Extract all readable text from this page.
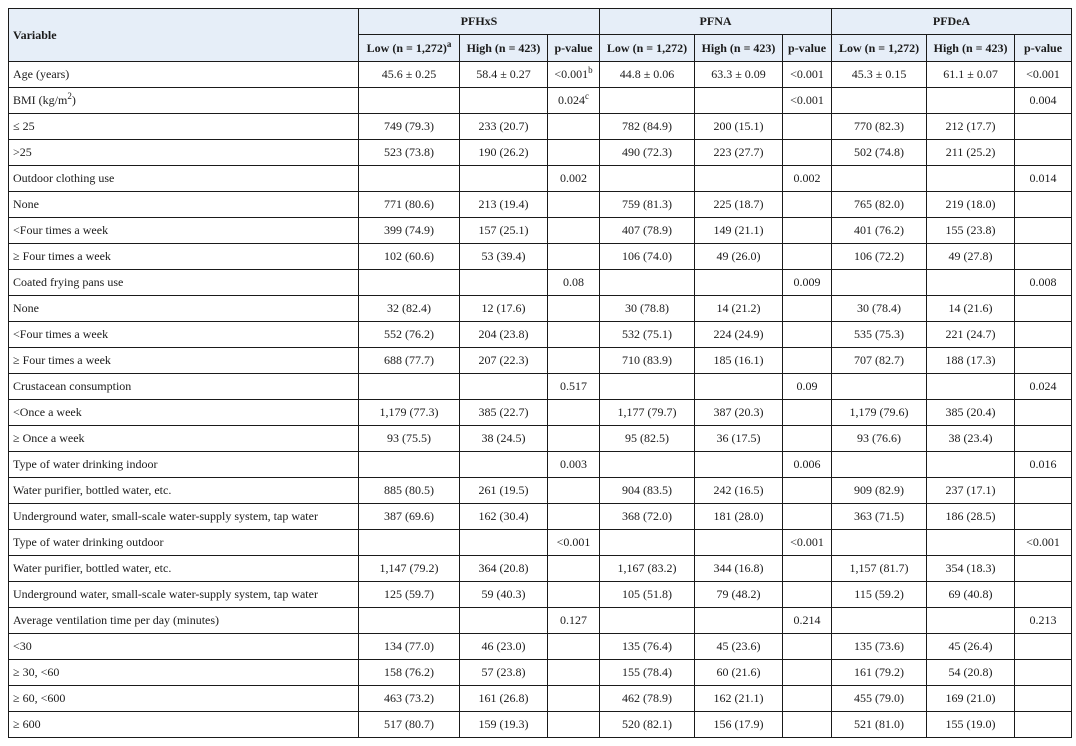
Variable	PFHxS			PFNA			PFDeA		
	Low (n = 1,272)$^a$	High (n = 423)	p-value	Low (n = 1,272)	High (n = 423)	p-value	Low (n = 1,272)	High (n = 423)	p-value
Age (years)	45.6 ± 0.25	58.4 ± 0.27	<0.001$^b$	44.8 ± 0.06	63.3 ± 0.09	<0.001	45.3 ± 0.15	61.1 ± 0.07	<0.001
BMI $(kg/m^2)$			0.024$^c$			<0.001			0.004
≤ 25	749 (79.3)	233 (20.7)		782 (84.9)	200 (15.1)		770 (82.3)	212 (17.7)	
>25	523 (73.8)	190 (26.2)		490 (72.3)	223 (27.7)		502 (74.8)	211 (25.2)	
Outdoor clothing use			0.002			0.002			0.014
None	771 (80.6)	213 (19.4)		759 (81.3)	225 (18.7)		765 (82.0)	219 (18.0)	
<Four times a week	399 (74.9)	157 (25.1)		407 (78.9)	149 (21.1)		401 (76.2)	155 (23.8)	
≥ Four times a week	102 (60.6)	53 (39.4)		106 (74.0)	49 (26.0)		106 (72.2)	49 (27.8)	
Coated frying pans use			0.08			0.009			0.008
None	32 (82.4)	12 (17.6)		30 (78.8)	14 (21.2)		30 (78.4)	14 (21.6)	
<Four times a week	552 (76.2)	204 (23.8)		532 (75.1)	224 (24.9)		535 (75.3)	221 (24.7)	
≥ Four times a week	688 (77.7)	207 (22.3)		710 (83.9)	185 (16.1)		707 (82.7)	188 (17.3)	
Crustacean consumption			0.517			0.09			0.024
<Once a week	1,179 (77.3)	385 (22.7)		1,177 (79.7)	387 (20.3)		1,179 (79.6)	385 (20.4)	
≥ Once a week	93 (75.5)	38 (24.5)		95 (82.5)	36 (17.5)		93 (76.6)	38 (23.4)	
Type of water drinking indoor			0.003			0.006			0.016
Water purifier, bottled water, etc.	885 (80.5)	261 (19.5)		904 (83.5)	242 (16.5)		909 (82.9)	237 (17.1)	
Underground water, small-scale water-supply system, tap water	387 (69.6)	162 (30.4)		368 (72.0)	181 (28.0)		363 (71.5)	186 (28.5)	
Type of water drinking outdoor			<0.001			<0.001			<0.001
Water purifier, bottled water, etc.	1,147 (79.2)	364 (20.8)		1,167 (83.2)	344 (16.8)		1,157 (81.7)	354 (18.3)	
Underground water, small-scale water-supply system, tap water	125 (59.7)	59 (40.3)		105 (51.8)	79 (48.2)		115 (59.2)	69 (40.8)	
Average ventilation time per day (minutes)			0.127			0.214			0.213
<30	134 (77.0)	46 (23.0)		135 (76.4)	45 (23.6)		135 (73.6)	45 (26.4)	
≥ 30, <60	158 (76.2)	57 (23.8)		155 (78.4)	60 (21.6)		161 (79.2)	54 (20.8)	
≥ 60, <600	463 (73.2)	161 (26.8)		462 (78.9)	162 (21.1)		455 (79.0)	169 (21.0)	
≥ 600	517 (80.7)	159 (19.3)		520 (82.1)	156 (17.9)		521 (81.0)	155 (19.0)	
